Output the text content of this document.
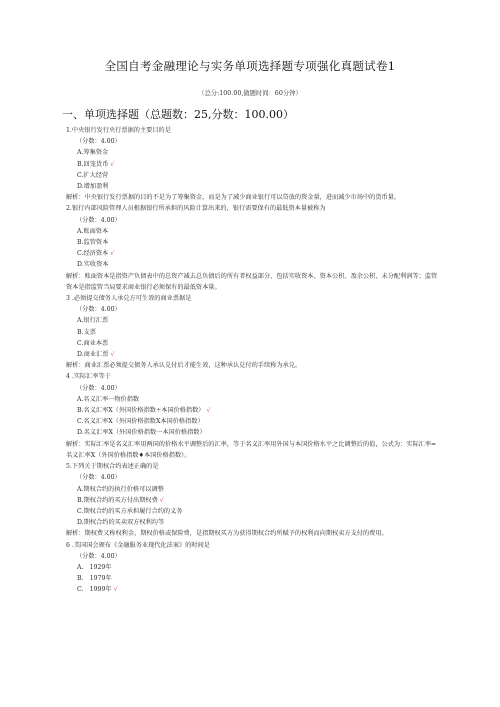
全国自考金融理论与实务单项选择题专项强化真题试卷1
（总分:100.00,做题时间：60分钟）
一、单项选择题（总题数：25,分数：100.00）
1.中央银行发行央行票据的主要目的是
（分数：4.00）
A.筹集资金
B.回笼货币 √
C.扩大经营
D.增加盈利
解析：中央银行发行票据的目的不是为了筹集资金，而是为了减少商业银行可以贷放的资金量，进而减少市场中的货币量。
2.银行内部风险管理人员根据银行所承担的风险计算出来的，银行需要保有的最低资本量被称为
（分数：4.00）
A.账面资本
B.监管资本
C.经济资本 √
D.实收资本
解析：账面资本是指资产负债表中的总资产减去总负债后的所有者权益部分，包括实收资本、资本公积、盈余公积、未分配利润等；监管资本是指监管当局要求商业银行必须保有的最低资本量。
3 .必须提交债务人承兑方可生效的商业票据是
（分数：4.00）
A.银行汇票
B.支票
C.商业本票
D.商业汇票 √
解析：商业汇票必须提交债务人承认兑付后才能生效，这种承认兑付的手续称为承兑。
4 .实际汇率等于
（分数：4.00）
A.名义汇率一物价指数
B.名义汇率X（外国价格指数÷本国价格指数） √
C.名义汇率X（外国价格指数X本国价格指数）
D.名义汇率X（外国价格指数一本国价格指数）
解析：实际汇率是名义汇率用两国的价格水平调整后的汇率，等于名义汇率用外国与本国价格水平之比调整后的值，公式为：实际汇率=名义汇率X（外国价格指数♦本国价格指数）。
5.下列关于期权合约表述正确的是
（分数：4.00）
A.期权合约的执行价格可以调整
B.期权合约的买方付出期权费 √
C.期权合约的买方承担履行合约的义务
D.期权合约的买卖双方权利均等
解析：期权费又称权利金、期权价格或保险费，是指期权买方为获得期权合约所赋予的权利而向期权卖方支付的费用。
6 .美国国会颁布《金融服务业现代化法案》的时间是
（分数：4.00）
A.　1929年
B.　1979年
C.　1999年 √
